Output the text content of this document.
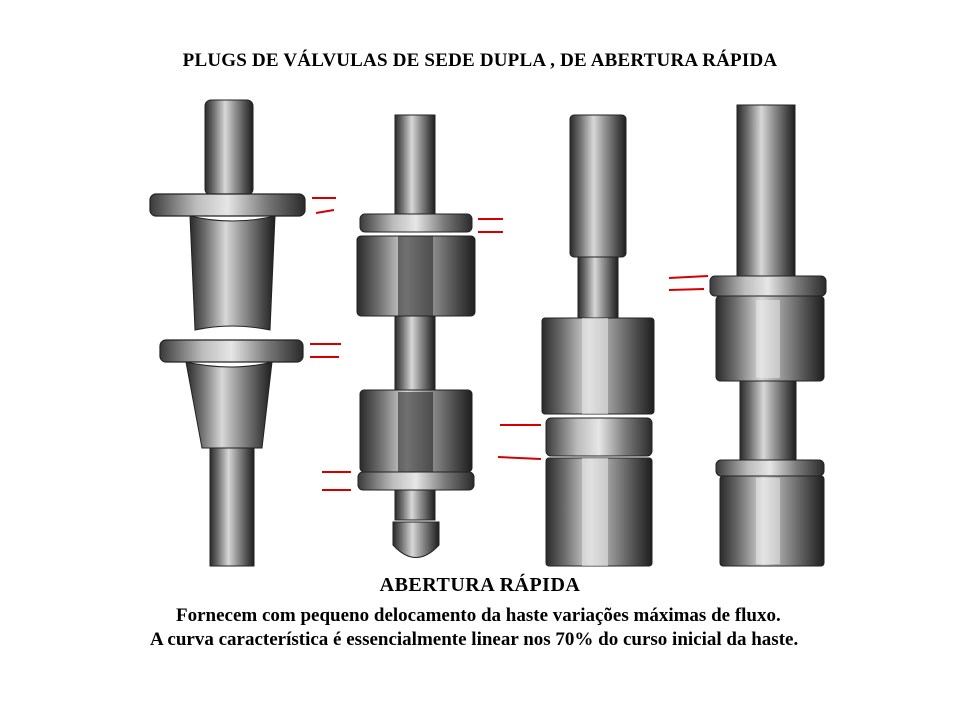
PLUGS DE VÁLVULAS DE SEDE DUPLA , DE ABERTURA RÁPIDA
ABERTURA RÁPIDA
Fornecem com pequeno delocamento da haste variações máximas de fluxo.
A curva característica é essencialmente linear nos 70% do curso inicial da haste.
